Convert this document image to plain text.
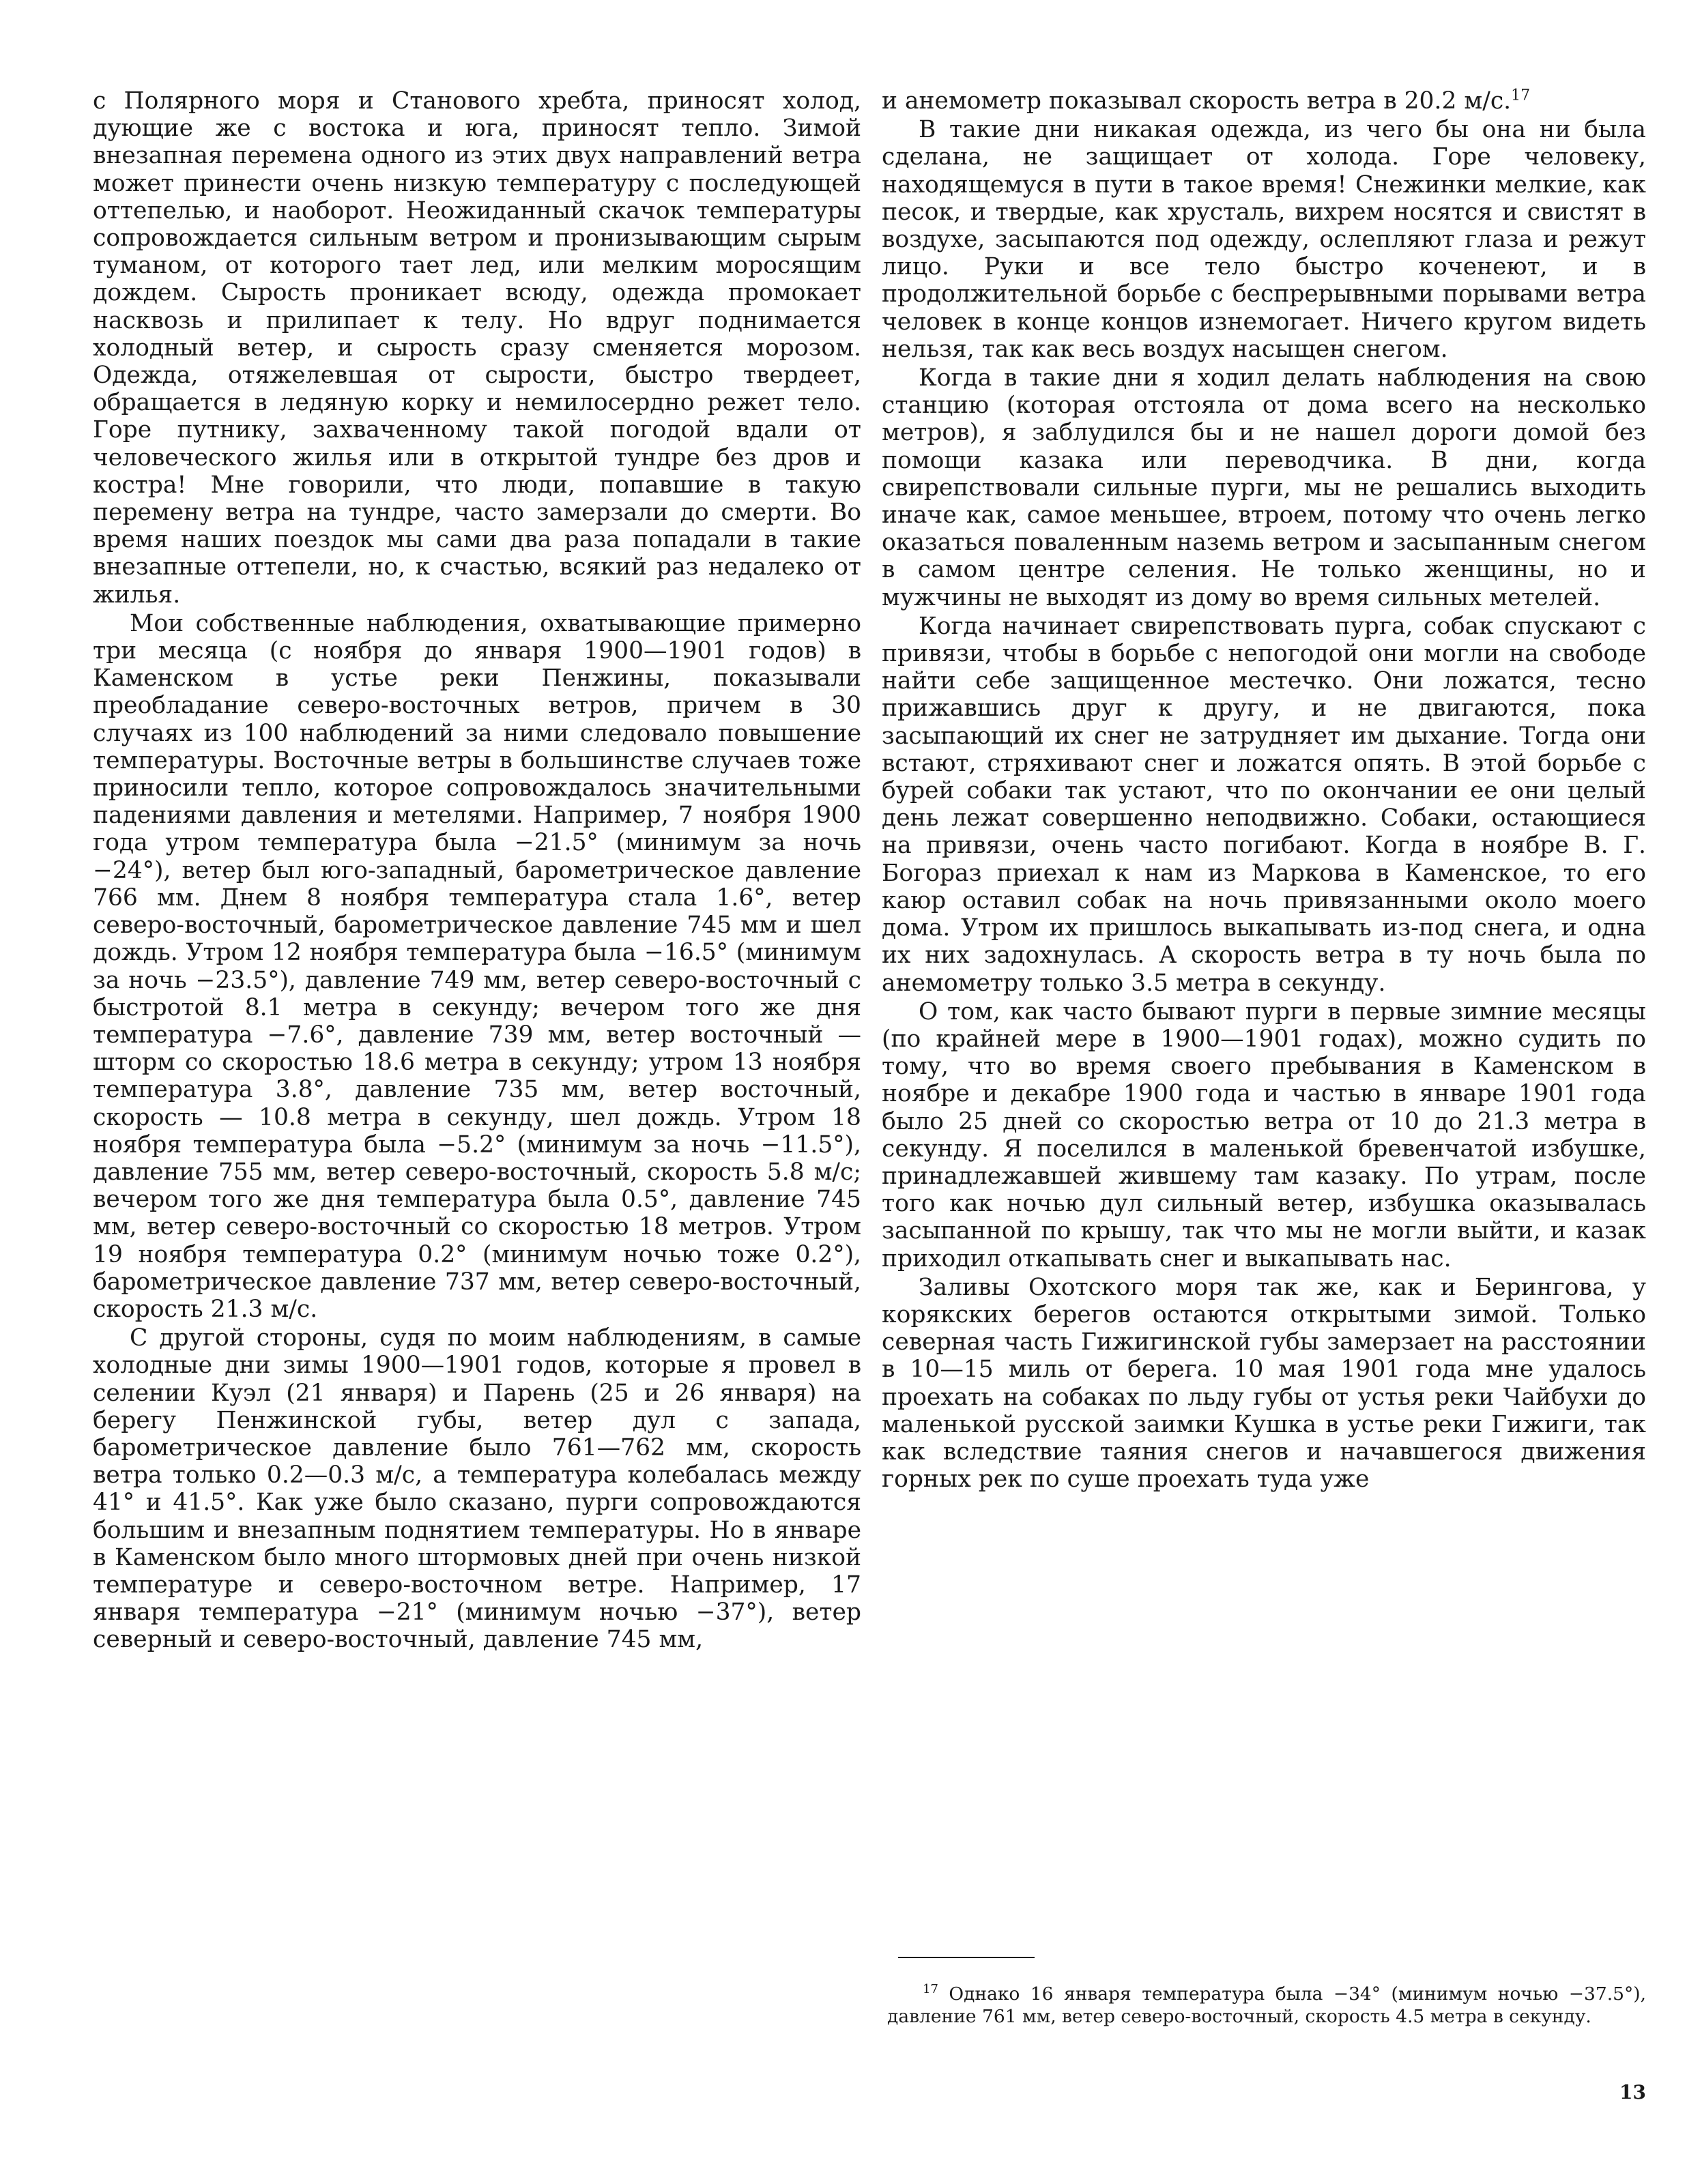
с Полярного моря и Станового хребта, приносят холод, дующие же с востока и юга, приносят тепло. Зимой внезапная перемена одного из этих двух направлений ветра может принести очень низкую температуру с последующей оттепелью, и наоборот. Неожиданный скачок температуры сопровождается сильным ветром и пронизывающим сырым туманом, от которого тает лед, или мелким моросящим дождем. Сырость проникает всюду, одежда промокает насквозь и прилипает к телу. Но вдруг поднимается холодный ветер, и сырость сразу сменяется морозом. Одежда, отяжелевшая от сырости, быстро твердеет, обращается в ледяную корку и немилосердно режет тело. Горе путнику, захваченному такой погодой вдали от человеческого жилья или в открытой тундре без дров и костра! Мне говорили, что люди, попавшие в такую перемену ветра на тундре, часто замерзали до смерти. Во время наших поездок мы сами два раза попадали в такие внезапные оттепели, но, к счастью, всякий раз недалеко от жилья.

Мои собственные наблюдения, охватывающие примерно три месяца (с ноября до января 1900—1901 годов) в Каменском в устье реки Пенжины, показывали преобладание северо-восточных ветров, причем в 30 случаях из 100 наблюдений за ними следовало повышение температуры. Восточные ветры в большинстве случаев тоже приносили тепло, которое сопровождалось значительными падениями давления и метелями. Например, 7 ноября 1900 года утром температура была −21.5° (минимум за ночь −24°), ветер был юго-западный, барометрическое давление 766 мм. Днем 8 ноября температура стала 1.6°, ветер северо-восточный, барометрическое давление 745 мм и шел дождь. Утром 12 ноября температура была −16.5° (минимум за ночь −23.5°), давление 749 мм, ветер северо-восточный с быстротой 8.1 метра в секунду; вечером того же дня температура −7.6°, давление 739 мм, ветер восточный — шторм со скоростью 18.6 метра в секунду; утром 13 ноября температура 3.8°, давление 735 мм, ветер восточный, скорость — 10.8 метра в секунду, шел дождь. Утром 18 ноября температура была −5.2° (минимум за ночь −11.5°), давление 755 мм, ветер северо-восточный, скорость 5.8 м/с; вечером того же дня температура была 0.5°, давление 745 мм, ветер северо-восточный со скоростью 18 метров. Утром 19 ноября температура 0.2° (минимум ночью тоже 0.2°), барометрическое давление 737 мм, ветер северо-восточный, скорость 21.3 м/с.

С другой стороны, судя по моим наблюдениям, в самые холодные дни зимы 1900—1901 годов, которые я провел в селении Куэл (21 января) и Парень (25 и 26 января) на берегу Пенжинской губы, ветер дул с запада, барометрическое давление было 761—762 мм, скорость ветра только 0.2—0.3 м/с, а температура колебалась между 41° и 41.5°. Как уже было сказано, пурги сопровождаются большим и внезапным поднятием температуры. Но в январе в Каменском было много штормовых дней при очень низкой температуре и северо-восточном ветре. Например, 17 января температура −21° (минимум ночью −37°), ветер северный и северо-восточный, давление 745 мм,

и анемометр показывал скорость ветра в 20.2 м/с.$^{17}$

В такие дни никакая одежда, из чего бы она ни была сделана, не защищает от холода. Горе человеку, находящемуся в пути в такое время! Снежинки мелкие, как песок, и твердые, как хрусталь, вихрем носятся и свистят в воздухе, засыпаются под одежду, ослепляют глаза и режут лицо. Руки и все тело быстро коченеют, и в продолжительной борьбе с беспрерывными порывами ветра человек в конце концов изнемогает. Ничего кругом видеть нельзя, так как весь воздух насыщен снегом.

Когда в такие дни я ходил делать наблюдения на свою станцию (которая отстояла от дома всего на несколько метров), я заблудился бы и не нашел дороги домой без помощи казака или переводчика. В дни, когда свирепствовали сильные пурги, мы не решались выходить иначе как, самое меньшее, втроем, потому что очень легко оказаться поваленным наземь ветром и засыпанным снегом в самом центре селения. Не только женщины, но и мужчины не выходят из дому во время сильных метелей.

Когда начинает свирепствовать пурга, собак спускают с привязи, чтобы в борьбе с непогодой они могли на свободе найти себе защищенное местечко. Они ложатся, тесно прижавшись друг к другу, и не двигаются, пока засыпающий их снег не затрудняет им дыхание. Тогда они встают, стряхивают снег и ложатся опять. В этой борьбе с бурей собаки так устают, что по окончании ее они целый день лежат совершенно неподвижно. Собаки, остающиеся на привязи, очень часто погибают. Когда в ноябре В. Г. Богораз приехал к нам из Маркова в Каменское, то его каюр оставил собак на ночь привязанными около моего дома. Утром их пришлось выкапывать из-под снега, и одна их них задохнулась. А скорость ветра в ту ночь была по анемометру только 3.5 метра в секунду.

О том, как часто бывают пурги в первые зимние месяцы (по крайней мере в 1900—1901 годах), можно судить по тому, что во время своего пребывания в Каменском в ноябре и декабре 1900 года и частью в январе 1901 года было 25 дней со скоростью ветра от 10 до 21.3 метра в секунду. Я поселился в маленькой бревенчатой избушке, принадлежавшей жившему там казаку. По утрам, после того как ночью дул сильный ветер, избушка оказывалась засыпанной по крышу, так что мы не могли выйти, и казак приходил откапывать снег и выкапывать нас.

Заливы Охотского моря так же, как и Берингова, у корякских берегов остаются открытыми зимой. Только северная часть Гижигинской губы замерзает на расстоянии в 10—15 миль от берега. 10 мая 1901 года мне удалось проехать на собаках по льду губы от устья реки Чайбухи до маленькой русской заимки Кушка в устье реки Гижиги, так как вследствие таяния снегов и начавшегося движения горных рек по суше проехать туда уже

$^{17}$ Однако 16 января температура была −34° (минимум ночью −37.5°), давление 761 мм, ветер северо-восточный, скорость 4.5 метра в секунду.
13
